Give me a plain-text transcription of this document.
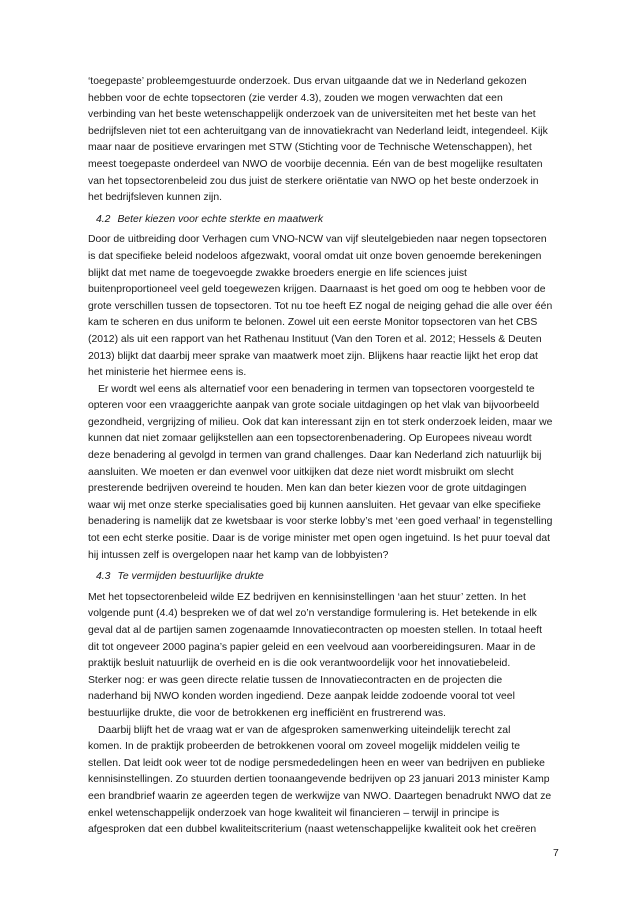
‘toegepaste’ probleemgestuurde onderzoek. Dus ervan uitgaande dat we in Nederland gekozen
hebben voor de echte topsectoren (zie verder 4.3), zouden we mogen verwachten dat een
verbinding van het beste wetenschappelijk onderzoek van de universiteiten met het beste van het
bedrijfsleven niet tot een achteruitgang van de innovatiekracht van Nederland leidt, integendeel. Kijk
maar naar de positieve ervaringen met STW (Stichting voor de Technische Wetenschappen), het
meest toegepaste onderdeel van NWO de voorbije decennia. Eén van de best mogelijke resultaten
van het topsectorenbeleid zou dus juist de sterkere oriëntatie van NWO op het beste onderzoek in
het bedrijfsleven kunnen zijn.
4.2 Beter kiezen voor echte sterkte en maatwerk
Door de uitbreiding door Verhagen cum VNO-NCW van vijf sleutelgebieden naar negen topsectoren
is dat specifieke beleid nodeloos afgezwakt, vooral omdat uit onze boven genoemde berekeningen
blijkt dat met name de toegevoegde zwakke broeders energie en life sciences juist
buitenproportioneel veel geld toegewezen krijgen. Daarnaast is het goed om oog te hebben voor de
grote verschillen tussen de topsectoren. Tot nu toe heeft EZ nogal de neiging gehad die alle over één
kam te scheren en dus uniform te belonen. Zowel uit een eerste Monitor topsectoren van het CBS
(2012) als uit een rapport van het Rathenau Instituut (Van den Toren et al. 2012; Hessels & Deuten
2013) blijkt dat daarbij meer sprake van maatwerk moet zijn. Blijkens haar reactie lijkt het erop dat
het ministerie het hiermee eens is.
Er wordt wel eens als alternatief voor een benadering in termen van topsectoren voorgesteld te
opteren voor een vraaggerichte aanpak van grote sociale uitdagingen op het vlak van bijvoorbeeld
gezondheid, vergrijzing of milieu. Ook dat kan interessant zijn en tot sterk onderzoek leiden, maar we
kunnen dat niet zomaar gelijkstellen aan een topsectorenbenadering. Op Europees niveau wordt
deze benadering al gevolgd in termen van grand challenges. Daar kan Nederland zich natuurlijk bij
aansluiten. We moeten er dan evenwel voor uitkijken dat deze niet wordt misbruikt om slecht
presterende bedrijven overeind te houden. Men kan dan beter kiezen voor de grote uitdagingen
waar wij met onze sterke specialisaties goed bij kunnen aansluiten. Het gevaar van elke specifieke
benadering is namelijk dat ze kwetsbaar is voor sterke lobby’s met ‘een goed verhaal’ in tegenstelling
tot een echt sterke positie. Daar is de vorige minister met open ogen ingetuind. Is het puur toeval dat
hij intussen zelf is overgelopen naar het kamp van de lobbyisten?
4.3 Te vermijden bestuurlijke drukte
Met het topsectorenbeleid wilde EZ bedrijven en kennisinstellingen ‘aan het stuur’ zetten. In het
volgende punt (4.4) bespreken we of dat wel zo’n verstandige formulering is. Het betekende in elk
geval dat al de partijen samen zogenaamde Innovatiecontracten op moesten stellen. In totaal heeft
dit tot ongeveer 2000 pagina’s papier geleid en een veelvoud aan voorbereidingsuren. Maar in de
praktijk besluit natuurlijk de overheid en is die ook verantwoordelijk voor het innovatiebeleid.
Sterker nog: er was geen directe relatie tussen de Innovatiecontracten en de projecten die
naderhand bij NWO konden worden ingediend. Deze aanpak leidde zodoende vooral tot veel
bestuurlijke drukte, die voor de betrokkenen erg inefficiënt en frustrerend was.
Daarbij blijft het de vraag wat er van de afgesproken samenwerking uiteindelijk terecht zal
komen. In de praktijk probeerden de betrokkenen vooral om zoveel mogelijk middelen veilig te
stellen. Dat leidt ook weer tot de nodige persmededelingen heen en weer van bedrijven en publieke
kennisinstellingen. Zo stuurden dertien toonaangevende bedrijven op 23 januari 2013 minister Kamp
een brandbrief waarin ze ageerden tegen de werkwijze van NWO. Daartegen benadrukt NWO dat ze
enkel wetenschappelijk onderzoek van hoge kwaliteit wil financieren – terwijl in principe is
afgesproken dat een dubbel kwaliteitscriterium (naast wetenschappelijke kwaliteit ook het creëren
7
